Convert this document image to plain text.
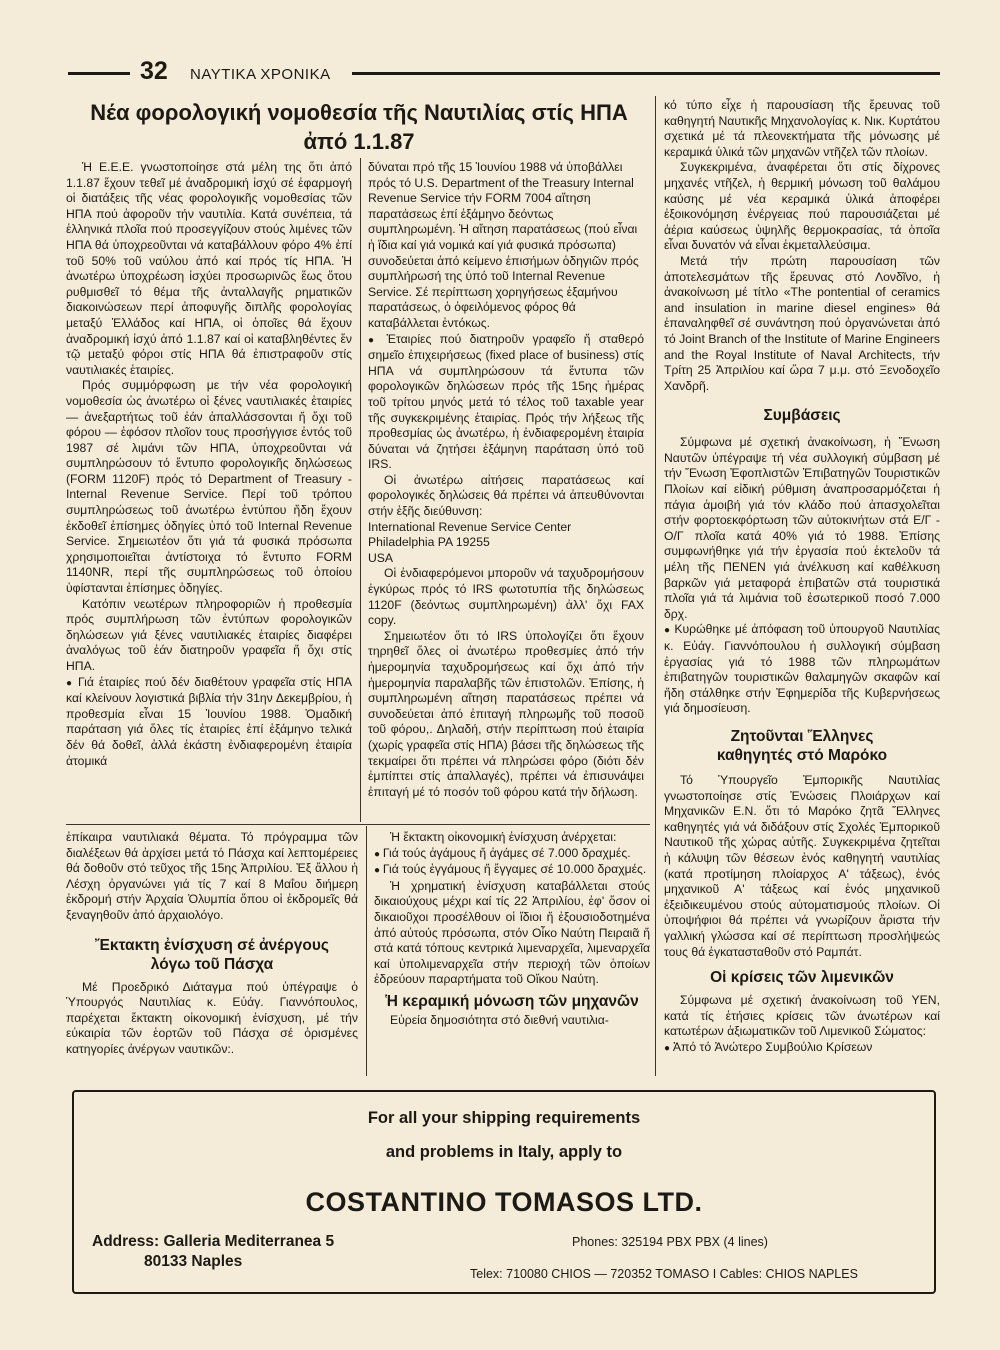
32 ΝΑΥΤΙΚΑ ΧΡΟΝΙΚΑ
Νέα φορολογική νομοθεσία τῆς Ναυτιλίας στίς ΗΠΑ
ἀπό 1.1.87

Ἡ Ε.Ε.Ε. γνωστοποίησε στά μέλη της ὅτι ἀπό 1.1.87 ἔχουν τεθεῖ μέ ἀναδρομική ἰσχύ σέ ἐφαρμογή οἱ διατάξεις τῆς νέας φορολογικῆς νομοθεσίας τῶν ΗΠΑ πού ἀφοροῦν τήν ναυτιλία. Κατά συνέπεια, τά ἑλληνικά πλοῖα πού προσεγγίζουν στούς λιμένες τῶν ΗΠΑ θά ὑποχρεοῦνται νά καταβάλλουν φόρο 4% ἐπί τοῦ 50% τοῦ ναύλου ἀπό καί πρός τίς ΗΠΑ. Ἡ ἀνωτέρω ὑποχρέωση ἰσχύει προσωρινῶς ἕως ὅτου ρυθμισθεῖ τό θέμα τῆς ἀνταλλαγῆς ρηματικῶν διακοινώσεων περί ἀποφυγῆς διπλῆς φορολογίας μεταξύ Ἑλλάδος καί ΗΠΑ, οἱ ὁποῖες θά ἔχουν ἀναδρομική ἰσχύ ἀπό 1.1.87 καί οἱ καταβληθέντες ἕν τῷ μεταξύ φόροι στίς ΗΠΑ θά ἐπιστραφοῦν στίς ναυτιλιακές ἑταιρίες.

Πρός συμμόρφωση με τήν νέα φορολογική νομοθεσία ὡς ἀνωτέρω οἱ ξένες ναυτιλιακές ἑταιρίες — ἀνεξαρτήτως τοῦ ἐάν ἀπαλλάσσονται ἤ ὄχι τοῦ φόρου — ἐφόσον πλοῖον τους προσήγγισε ἐντός τοῦ 1987 σέ λιμάνι τῶν ΗΠΑ, ὑποχρεοῦνται νά συμπληρώσουν τό ἔντυπο φορολογικῆς δηλώσεως (FORM 1120F) πρός τό Department of Treasury - Internal Revenue Service. Περί τοῦ τρόπου συμπληρώσεως τοῦ ἀνωτέρω ἐντύπου ἤδη ἔχουν ἐκδοθεῖ ἐπίσημες ὁδηγίες ὑπό τοῦ Internal Revenue Service. Σημειωτέον ὅτι γιά τά φυσικά πρόσωπα χρησιμοποιεῖται ἀντίστοιχα τό ἔντυπο FORM 1140NR, περί τῆς συμπληρώσεως τοῦ ὁποίου ὑφίστανται ἐπίσημες ὁδηγίες.

Κατόπιν νεωτέρων πληροφοριῶν ἡ προθεσμία πρός συμπλήρωση τῶν ἐντύπων φορολογικῶν δηλώσεων γιά ξένες ναυτιλιακές ἑταιρίες διαφέρει ἀναλόγως τοῦ ἐάν διατηροῦν γραφεῖα ἤ ὄχι στίς ΗΠΑ.

● Γιά ἑταιρίες πού δέν διαθέτουν γραφεῖα στίς ΗΠΑ καί κλείνουν λογιστικά βιβλία τήν 31ην Δεκεμβρίου, ἡ προθεσμία εἶναι 15 Ἰουνίου 1988. Ὁμαδική παράταση γιά ὅλες τίς ἑταιρίες ἐπί ἑξάμηνο τελικά δέν θά δοθεῖ, ἀλλά ἑκάστη ἐνδιαφερομένη ἑταιρία ἀτομικά

δύναται πρό τῆς 15 Ἰουνίου 1988 νά ὑποβάλλει πρός τό U.S. Department of the Treasury Internal Revenue Service τήν FORM 7004 αἴτηση παρατάσεως ἐπί ἑξάμηνο δεόντως συμπληρωμένη. Ἡ αἴτηση παρατάσεως (πού εἶναι ἡ ἴδια καί γιά νομικά καί γιά φυσικά πρόσωπα) συνοδεύεται ἀπό κείμενο ἐπισήμων ὁδηγιῶν πρός συμπλήρωσή της ὑπό τοῦ Internal Revenue Service. Σέ περίπτωση χορηγήσεως ἑξαμήνου παρατάσεως, ὁ ὀφειλόμενος φόρος θά καταβάλλεται ἐντόκως.

● Ἑταιρίες πού διατηροῦν γραφεῖο ἤ σταθερό σημεῖο ἐπιχειρήσεως (fixed place of business) στίς ΗΠΑ νά συμπληρώσουν τά ἔντυπα τῶν φορολογικῶν δηλώσεων πρός τῆς 15ης ἡμέρας τοῦ τρίτου μηνός μετά τό τέλος τοῦ taxable year τῆς συγκεκριμένης ἑταιρίας. Πρός τήν λήξεως τῆς προθεσμίας ὡς ἀνωτέρω, ἡ ἐνδιαφερομένη ἑταιρία δύναται νά ζητήσει ἑξάμηνη παράταση ὑπό τοῦ IRS.

Οἱ ἀνωτέρω αἰτήσεις παρατάσεως καί φορολογικές δηλώσεις θά πρέπει νά ἀπευθύνονται στήν ἑξῆς διεύθυνση:

International Revenue Service Center

Philadelphia PA 19255

USA

Οἱ ἐνδιαφερόμενοι μποροῦν νά ταχυδρομήσουν ἐγκύρως πρός τό IRS φωτοτυπία τῆς δηλώσεως 1120F (δεόντως συμπληρωμένη) ἀλλ' ὄχι FAX copy.

Σημειωτέον ὅτι τό IRS ὑπολογίζει ὅτι ἔχουν τηρηθεῖ ὅλες οἱ ἀνωτέρω προθεσμίες ἀπό τήν ἡμερομηνία ταχυδρομήσεως καί ὄχι ἀπό τήν ἡμερομηνία παραλαβῆς τῶν ἐπιστολῶν. Ἐπίσης, ἡ συμπληρωμένη αἴτηση παρατάσεως πρέπει νά συνοδεύεται ἀπό ἐπιταγή πληρωμῆς τοῦ ποσοῦ τοῦ φόρου,. Δηλαδή, στήν περίπτωση πού ἑταιρία (χωρίς γραφεῖα στίς ΗΠΑ) βάσει τῆς δηλώσεως τῆς τεκμαίρει ὅτι πρέπει νά πληρώσει φόρο (διότι δέν ἐμπίπτει στίς ἀπαλλαγές), πρέπει νά ἐπισυνάψει ἐπιταγή μέ τό ποσόν τοῦ φόρου κατά τήν δήλωση.

ἐπίκαιρα ναυτιλιακά θέματα. Τό πρόγραμμα τῶν διαλέξεων θά ἀρχίσει μετά τό Πάσχα καί λεπτομέρειες θά δοθοῦν στό τεῦχος τῆς 15ης Ἀπριλίου. Ἐξ ἄλλου ἡ Λέσχη ὀργανώνει γιά τίς 7 καί 8 Μαΐου διήμερη ἐκδρομή στήν Ἀρχαία Ὀλυμπία ὅπου οἱ ἐκδρομεῖς θά ξεναγηθοῦν ἀπό ἀρχαιολόγο.

Ἔκτακτη ἐνίσχυση σέ ἀνέργους
λόγω τοῦ Πάσχα

Μέ Προεδρικό Διάταγμα πού ὑπέγραψε ὁ Ὑπουργός Ναυτιλίας κ. Εὐάγ. Γιαννόπουλος, παρέχεται ἔκτακτη οἰκονομική ἐνίσχυση, μέ τήν εὐκαιρία τῶν ἑορτῶν τοῦ Πάσχα σέ ὁρισμένες κατηγορίες ἀνέργων ναυτικῶν:.

Ἡ ἔκτακτη οἰκονομική ἐνίσχυση ἀνέρχεται:

● Γιά τούς ἀγάμους ἤ ἀγάμες σέ 7.000 δραχμές.

● Γιά τούς ἐγγάμους ἤ ἔγγαμες σέ 10.000 δραχμές.

Ἡ χρηματική ἐνίσχυση καταβάλλεται στούς δικαιούχους μέχρι καί τίς 22 Ἀπριλίου, ἐφ' ὅσον οἱ δικαιοῦχοι προσέλθουν οἱ ἴδιοι ἤ ἐξουσιοδοτημένα ἀπό αὐτούς πρόσωπα, στόν Οἶκο Ναύτη Πειραιᾶ ἤ στά κατά τόπους κεντρικά λιμεναρχεῖα, λιμεναρχεῖα καί ὑπολιμεναρχεῖα στήν περιοχή τῶν ὁποίων ἐδρεύουν παραρτήματα τοῦ Οἴκου Ναύτη.

Ἡ κεραμική μόνωση τῶν μηχανῶν

Εὐρεία δημοσιότητα στό διεθνή ναυτιλια-

κό τύπο εἶχε ἡ παρουσίαση τῆς ἔρευνας τοῦ καθηγητή Ναυτικῆς Μηχανολογίας κ. Νικ. Κυρτάτου σχετικά μέ τά πλεονεκτήματα τῆς μόνωσης μέ κεραμικά ὑλικά τῶν μηχανῶν ντῆζελ τῶν πλοίων.

Συγκεκριμένα, ἀναφέρεται ὅτι στίς δίχρονες μηχανές ντῆζελ, ἡ θερμική μόνωση τοῦ θαλάμου καύσης μέ νέα κεραμικά ὑλικά ἀποφέρει ἐξοικονόμηση ἐνέργειας πού παρουσιάζεται μέ ἀέρια καύσεως ὑψηλῆς θερμοκρασίας, τά ὁποῖα εἶναι δυνατόν νά εἶναι ἐκμεταλλεύσιμα.

Μετά τήν πρώτη παρουσίαση τῶν ἀποτελεσμάτων τῆς ἔρευνας στό Λονδῖνο, ἡ ἀνακοίνωση μέ τίτλο «The pontential of ceramics and insulation in marine diesel engines» θά ἐπαναληφθεῖ σέ συνάντηση πού ὀργανώνεται ἀπό τό Joint Branch of the Institute of Marine Engineers and the Royal Institute of Naval Architects, τήν Τρίτη 25 Ἀπριλίου καί ὥρα 7 μ.μ. στό Ξενοδοχεῖο Χανδρῆ.

Συμβάσεις

Σύμφωνα μέ σχετική ἀνακοίνωση, ἡ Ἕνωση Ναυτῶν ὑπέγραψε τή νέα συλλογική σύμβαση μέ τήν Ἕνωση Ἐφοπλιστῶν Ἐπιβατηγῶν Τουριστικῶν Πλοίων καί εἰδική ρύθμιση ἀναπροσαρμόζεται ἡ πάγια ἀμοιβή γιά τόν κλάδο πού ἀπασχολεῖται στήν φορτοεκφόρτωση τῶν αὐτοκινήτων στά Ε/Γ - Ο/Γ πλοῖα κατά 40% γιά τό 1988. Ἐπίσης συμφωνήθηκε γιά τήν ἐργασία πού ἐκτελοῦν τά μέλη τῆς ΠΕΝΕΝ γιά ἀνέλκυση καί καθέλκυση βαρκῶν γιά μεταφορά ἐπιβατῶν στά τουριστικά πλοῖα γιά τά λιμάνια τοῦ ἐσωτερικοῦ ποσό 7.000 δρχ.

● Κυρώθηκε μέ ἀπόφαση τοῦ ὑπουργοῦ Ναυτιλίας κ. Εὐάγ. Γιαννόπουλου ἡ συλλογική σύμβαση ἐργασίας γιά τό 1988 τῶν πληρωμάτων ἐπιβατηγῶν τουριστικῶν θαλαμηγῶν σκαφῶν καί ἤδη στάλθηκε στήν Ἐφημερίδα τῆς Κυβερνήσεως γιά δημοσίευση.

Ζητοῦνται Ἕλληνες
καθηγητές στό Μαρόκο

Τό Ὑπουργεῖο Ἐμπορικῆς Ναυτιλίας γνωστοποίησε στίς Ἑνώσεις Πλοιάρχων καί Μηχανικῶν Ε.Ν. ὅτι τό Μαρόκο ζητᾶ Ἕλληνες καθηγητές γιά νά διδάξουν στίς Σχολές Ἐμπορικοῦ Ναυτικοῦ τῆς χώρας αὐτῆς. Συγκεκριμένα ζητεῖται ἡ κάλυψη τῶν θέσεων ἑνός καθηγητή ναυτιλίας (κατά προτίμηση πλοίαρχος Α' τάξεως), ἑνός μηχανικοῦ Α' τάξεως καί ἑνός μηχανικοῦ ἐξειδικευμένου στούς αὐτοματισμούς πλοίων. Οἱ ὑποψήφιοι θά πρέπει νά γνωρίζουν ἄριστα τήν γαλλική γλώσσα καί σέ περίπτωση προσλήψεώς τους θά ἐγκατασταθοῦν στό Ραμπάτ.

Οἱ κρίσεις τῶν λιμενικῶν

Σύμφωνα μέ σχετική ἀνακοίνωση τοῦ ΥΕΝ, κατά τίς ἐτήσιες κρίσεις τῶν ἀνωτέρων καί κατωτέρων ἀξιωματικῶν τοῦ Λιμενικοῦ Σώματος:

● Ἀπό τό Ἀνώτερο Συμβούλιο Κρίσεων

For all your shipping requirements
and problems in Italy, apply to
COSTANTINO TOMASOS LTD.
Address: Galleria Mediterranea 5
80133 Naples
Phones: 325194 PBX PBX (4 lines)
Telex: 710080 CHIOS — 720352 TOMASO I Cables: CHIOS NAPLES
